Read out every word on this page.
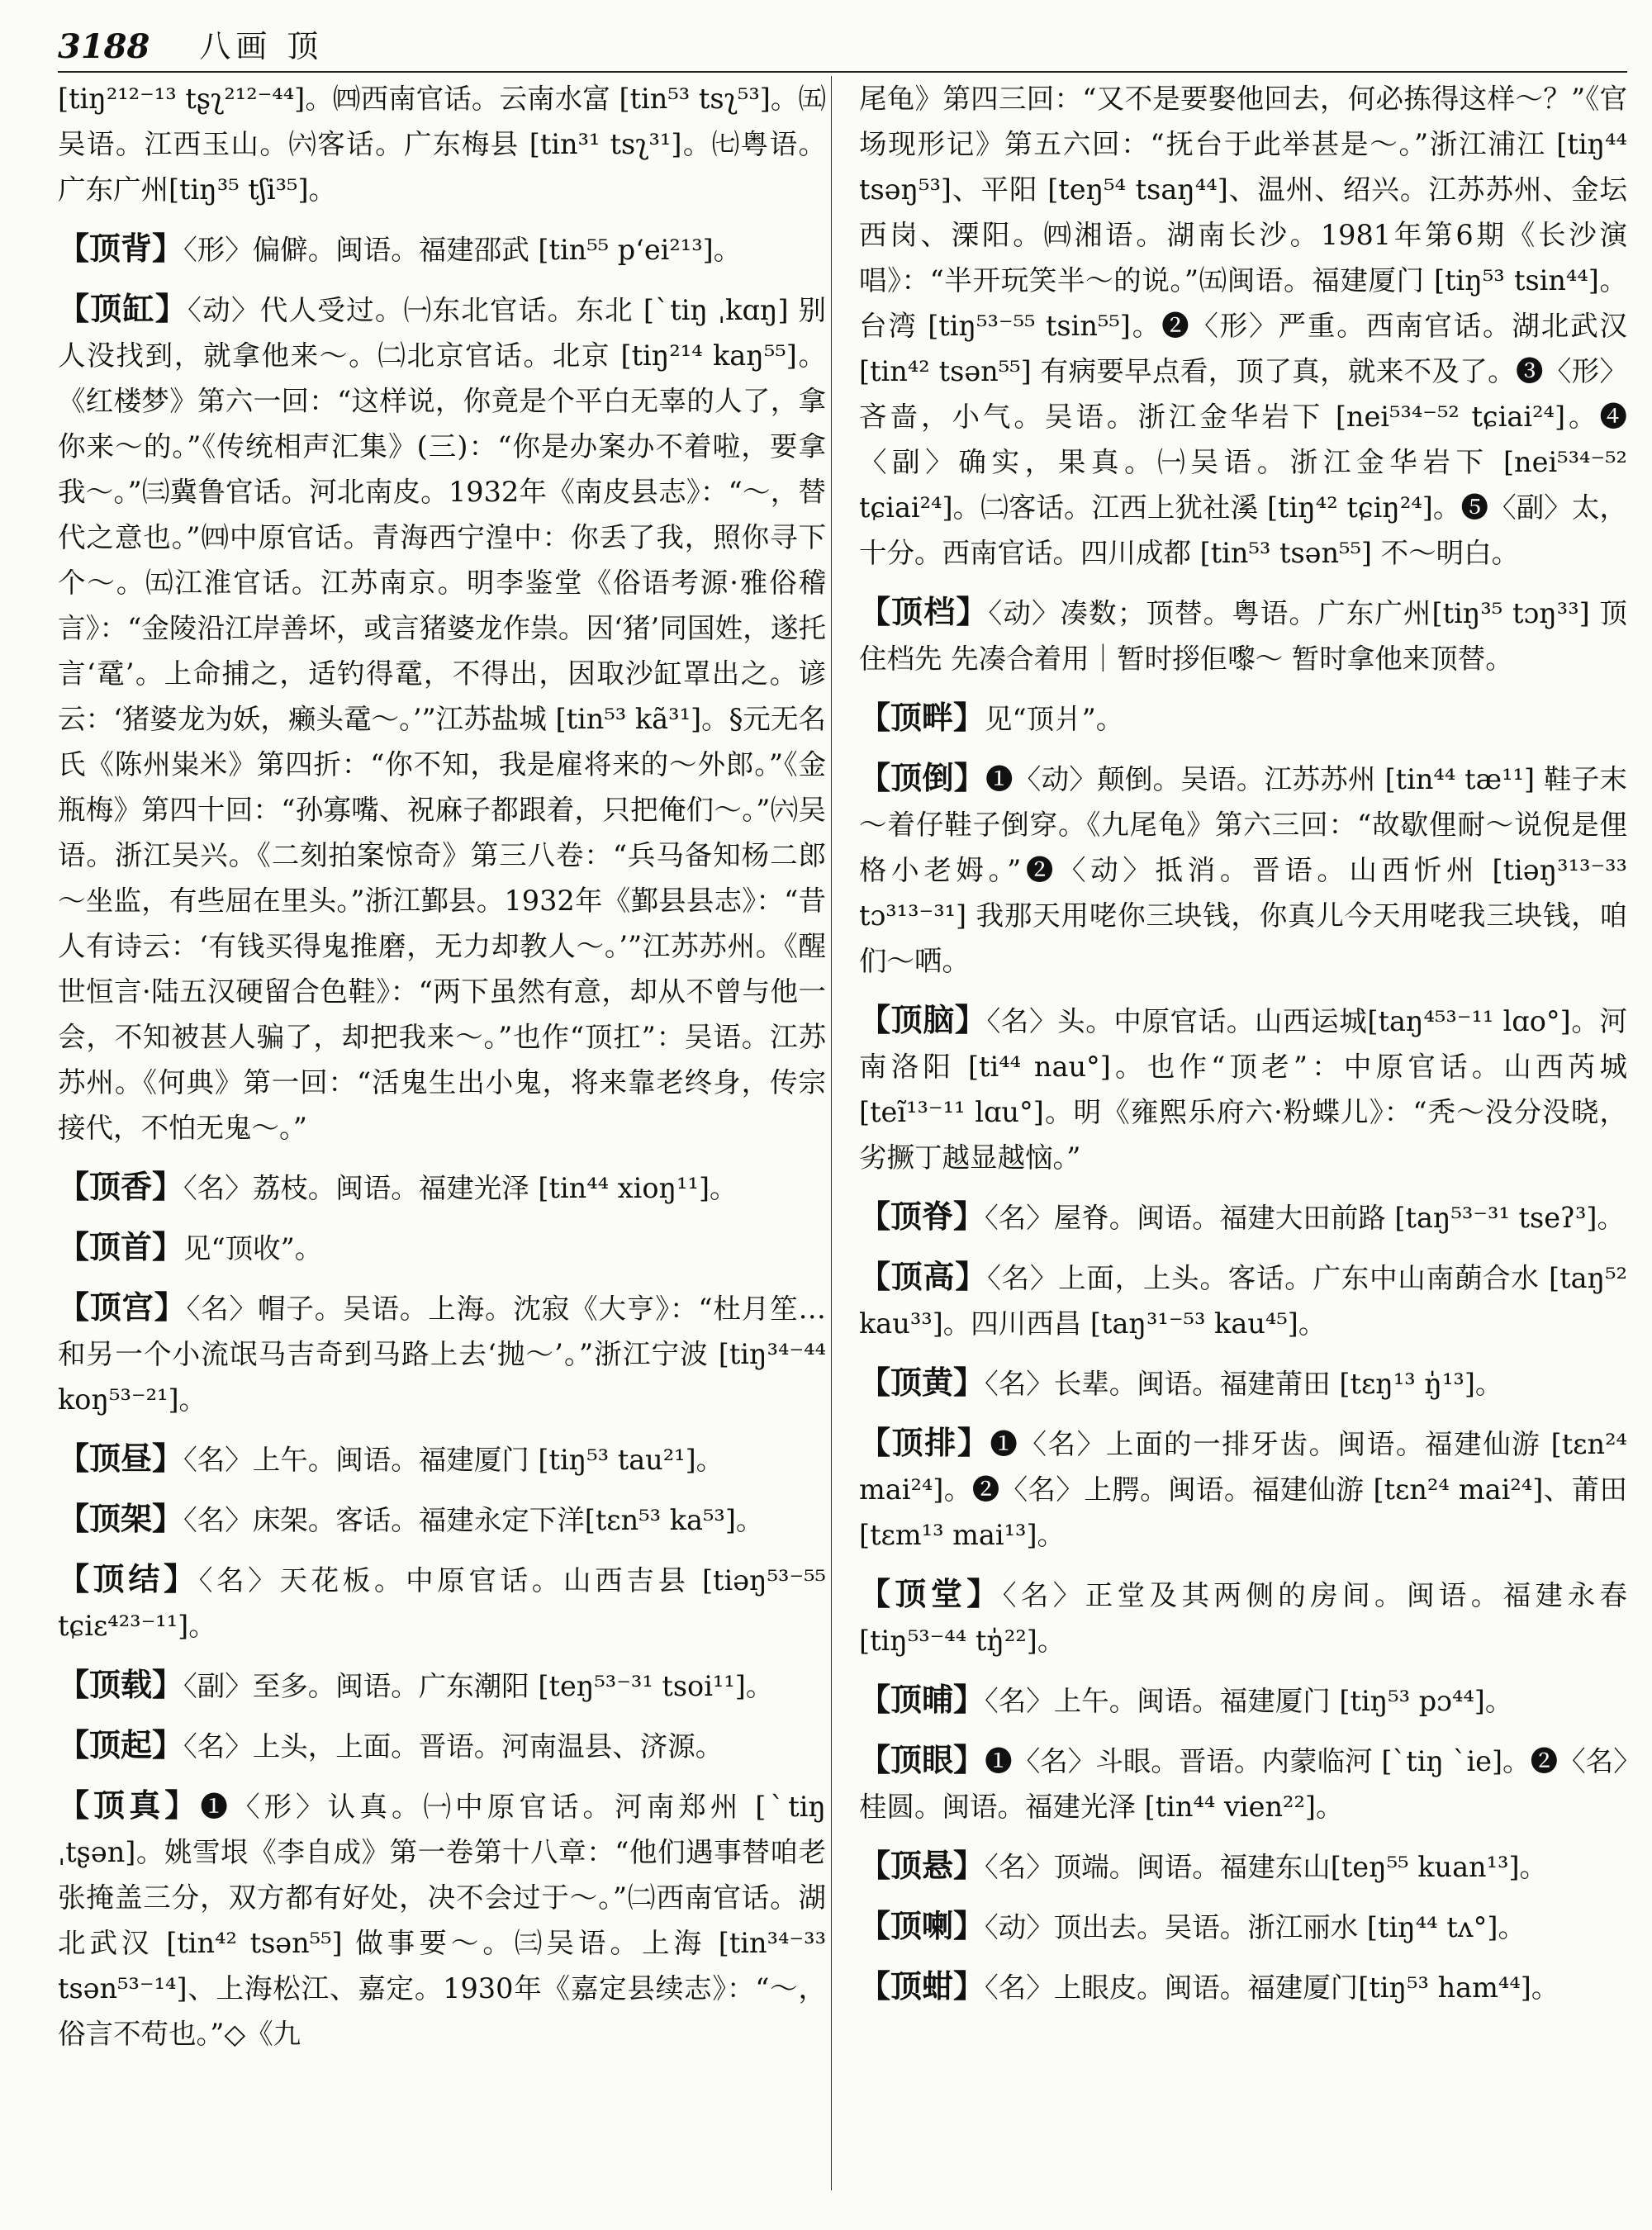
3188 八画 顶

[tiŋ²¹²⁻¹³ tʂʅ²¹²⁻⁴⁴]。㈣西南官话。云南水富 [tin⁵³ tsʅ⁵³]。㈤吴语。江西玉山。㈥客话。广东梅县 [tin³¹ tsʅ³¹]。㈦粤语。广东广州[tiŋ³⁵ tʃi³⁵]。

【顶背】〈形〉偏僻。闽语。福建邵武 [tin⁵⁵ pʻei²¹³]。

【顶缸】〈动〉代人受过。㈠东北官话。东北 [ˋtiŋ ˌkɑŋ] 别人没找到，就拿他来～。㈡北京官话。北京 [tiŋ²¹⁴ kaŋ⁵⁵]。《红楼梦》第六一回：“这样说，你竟是个平白无辜的人了，拿你来～的。”《传统相声汇集》(三)：“你是办案办不着啦，要拿我～。”㈢冀鲁官话。河北南皮。1932年《南皮县志》：“～，替代之意也。”㈣中原官话。青海西宁湟中：你丢了我，照你寻下个～。㈤江淮官话。江苏南京。明李鉴堂《俗语考源·雅俗稽言》：“金陵沿江岸善坏，或言猪婆龙作祟。因‘猪’同国姓，遂托言‘鼋’。上命捕之，适钓得鼋，不得出，因取沙缸罩出之。谚云：‘猪婆龙为妖，癞头鼋～。’”江苏盐城 [tin⁵³ kã³¹]。§元无名氏《陈州粜米》第四折：“你不知，我是雇将来的～外郎。”《金瓶梅》第四十回：“孙寡嘴、祝麻子都跟着，只把俺们～。”㈥吴语。浙江吴兴。《二刻拍案惊奇》第三八卷：“兵马备知杨二郎～坐监，有些屈在里头。”浙江鄞县。1932年《鄞县县志》：“昔人有诗云：‘有钱买得鬼推磨，无力却教人～。’”江苏苏州。《醒世恒言·陆五汉硬留合色鞋》：“两下虽然有意，却从不曾与他一会，不知被甚人骗了，却把我来～。”也作“顶扛”：吴语。江苏苏州。《何典》第一回：“活鬼生出小鬼，将来靠老终身，传宗接代，不怕无鬼～。”

【顶香】〈名〉荔枝。闽语。福建光泽 [tin⁴⁴ xioŋ¹¹]。

【顶首】见“顶收”。

【顶宫】〈名〉帽子。吴语。上海。沈寂《大亨》：“杜月笙…和另一个小流氓马吉奇到马路上去‘抛～’。”浙江宁波 [tiŋ³⁴⁻⁴⁴ koŋ⁵³⁻²¹]。

【顶昼】〈名〉上午。闽语。福建厦门 [tiŋ⁵³ tau²¹]。

【顶架】〈名〉床架。客话。福建永定下洋[tɛn⁵³ ka⁵³]。

【顶结】〈名〉天花板。中原官话。山西吉县 [tiəŋ⁵³⁻⁵⁵ tɕiɛ⁴²³⁻¹¹]。

【顶载】〈副〉至多。闽语。广东潮阳 [teŋ⁵³⁻³¹ tsoi¹¹]。

【顶起】〈名〉上头，上面。晋语。河南温县、济源。

【顶真】❶〈形〉认真。㈠中原官话。河南郑州 [ˋtiŋ ˌtʂən]。姚雪垠《李自成》第一卷第十八章：“他们遇事替咱老张掩盖三分，双方都有好处，决不会过于～。”㈡西南官话。湖北武汉 [tin⁴² tsən⁵⁵] 做事要～。㈢吴语。上海 [tin³⁴⁻³³ tsən⁵³⁻¹⁴]、上海松江、嘉定。1930年《嘉定县续志》：“～，俗言不苟也。”◇《九

尾龟》第四三回：“又不是要娶他回去，何必拣得这样～？”《官场现形记》第五六回：“抚台于此举甚是～。”浙江浦江 [tiŋ⁴⁴ tsəŋ⁵³]、平阳 [teŋ⁵⁴ tsaŋ⁴⁴]、温州、绍兴。江苏苏州、金坛西岗、溧阳。㈣湘语。湖南长沙。1981年第6期《长沙演唱》：“半开玩笑半～的说。”㈤闽语。福建厦门 [tiŋ⁵³ tsin⁴⁴]。台湾 [tiŋ⁵³⁻⁵⁵ tsin⁵⁵]。❷〈形〉严重。西南官话。湖北武汉 [tin⁴² tsən⁵⁵] 有病要早点看，顶了真，就来不及了。❸〈形〉吝啬，小气。吴语。浙江金华岩下 [nei⁵³⁴⁻⁵² tɕiai²⁴]。❹〈副〉确实，果真。㈠吴语。浙江金华岩下 [nei⁵³⁴⁻⁵² tɕiai²⁴]。㈡客话。江西上犹社溪 [tiŋ⁴² tɕiŋ²⁴]。❺〈副〉太，十分。西南官话。四川成都 [tin⁵³ tsən⁵⁵] 不～明白。

【顶档】〈动〉凑数；顶替。粤语。广东广州[tiŋ³⁵ tɔŋ³³] 顶住档先 先凑合着用｜暂时拶佢嚟～ 暂时拿他来顶替。

【顶畔】见“顶爿”。

【顶倒】❶〈动〉颠倒。吴语。江苏苏州 [tin⁴⁴ tæ¹¹] 鞋子末～着仔鞋子倒穿。《九尾龟》第六三回：“故歇俚耐～说倪是俚格小老姆。”❷〈动〉抵消。晋语。山西忻州 [tiəŋ³¹³⁻³³ tɔ³¹³⁻³¹] 我那天用咾你三块钱，你真儿今天用咾我三块钱，咱们～哂。

【顶脑】〈名〉头。中原官话。山西运城[taŋ⁴⁵³⁻¹¹ lɑo°]。河南洛阳 [ti⁴⁴ nau°]。也作“顶老”：中原官话。山西芮城 [teĩ¹³⁻¹¹ lɑu°]。明《雍熙乐府六·粉蝶儿》：“秃～没分没晓，劣撅丁越显越恼。”

【顶脊】〈名〉屋脊。闽语。福建大田前路 [taŋ⁵³⁻³¹ tseʔ³]。

【顶高】〈名〉上面，上头。客话。广东中山南蓢合水 [taŋ⁵² kau³³]。四川西昌 [taŋ³¹⁻⁵³ kau⁴⁵]。

【顶黄】〈名〉长辈。闽语。福建莆田 [tɛŋ¹³ ŋ̍¹³]。

【顶排】❶〈名〉上面的一排牙齿。闽语。福建仙游 [tɛn²⁴ mai²⁴]。❷〈名〉上腭。闽语。福建仙游 [tɛn²⁴ mai²⁴]、莆田 [tɛm¹³ mai¹³]。

【顶堂】〈名〉正堂及其两侧的房间。闽语。福建永春 [tiŋ⁵³⁻⁴⁴ tŋ̍²²]。

【顶晡】〈名〉上午。闽语。福建厦门 [tiŋ⁵³ pɔ⁴⁴]。

【顶眼】❶〈名〉斗眼。晋语。内蒙临河 [ˋtiŋ ˋie]。❷〈名〉桂圆。闽语。福建光泽 [tin⁴⁴ vien²²]。

【顶悬】〈名〉顶端。闽语。福建东山[teŋ⁵⁵ kuan¹³]。

【顶喇】〈动〉顶出去。吴语。浙江丽水 [tiŋ⁴⁴ tʌ°]。

【顶蚶】〈名〉上眼皮。闽语。福建厦门[tiŋ⁵³ ham⁴⁴]。
